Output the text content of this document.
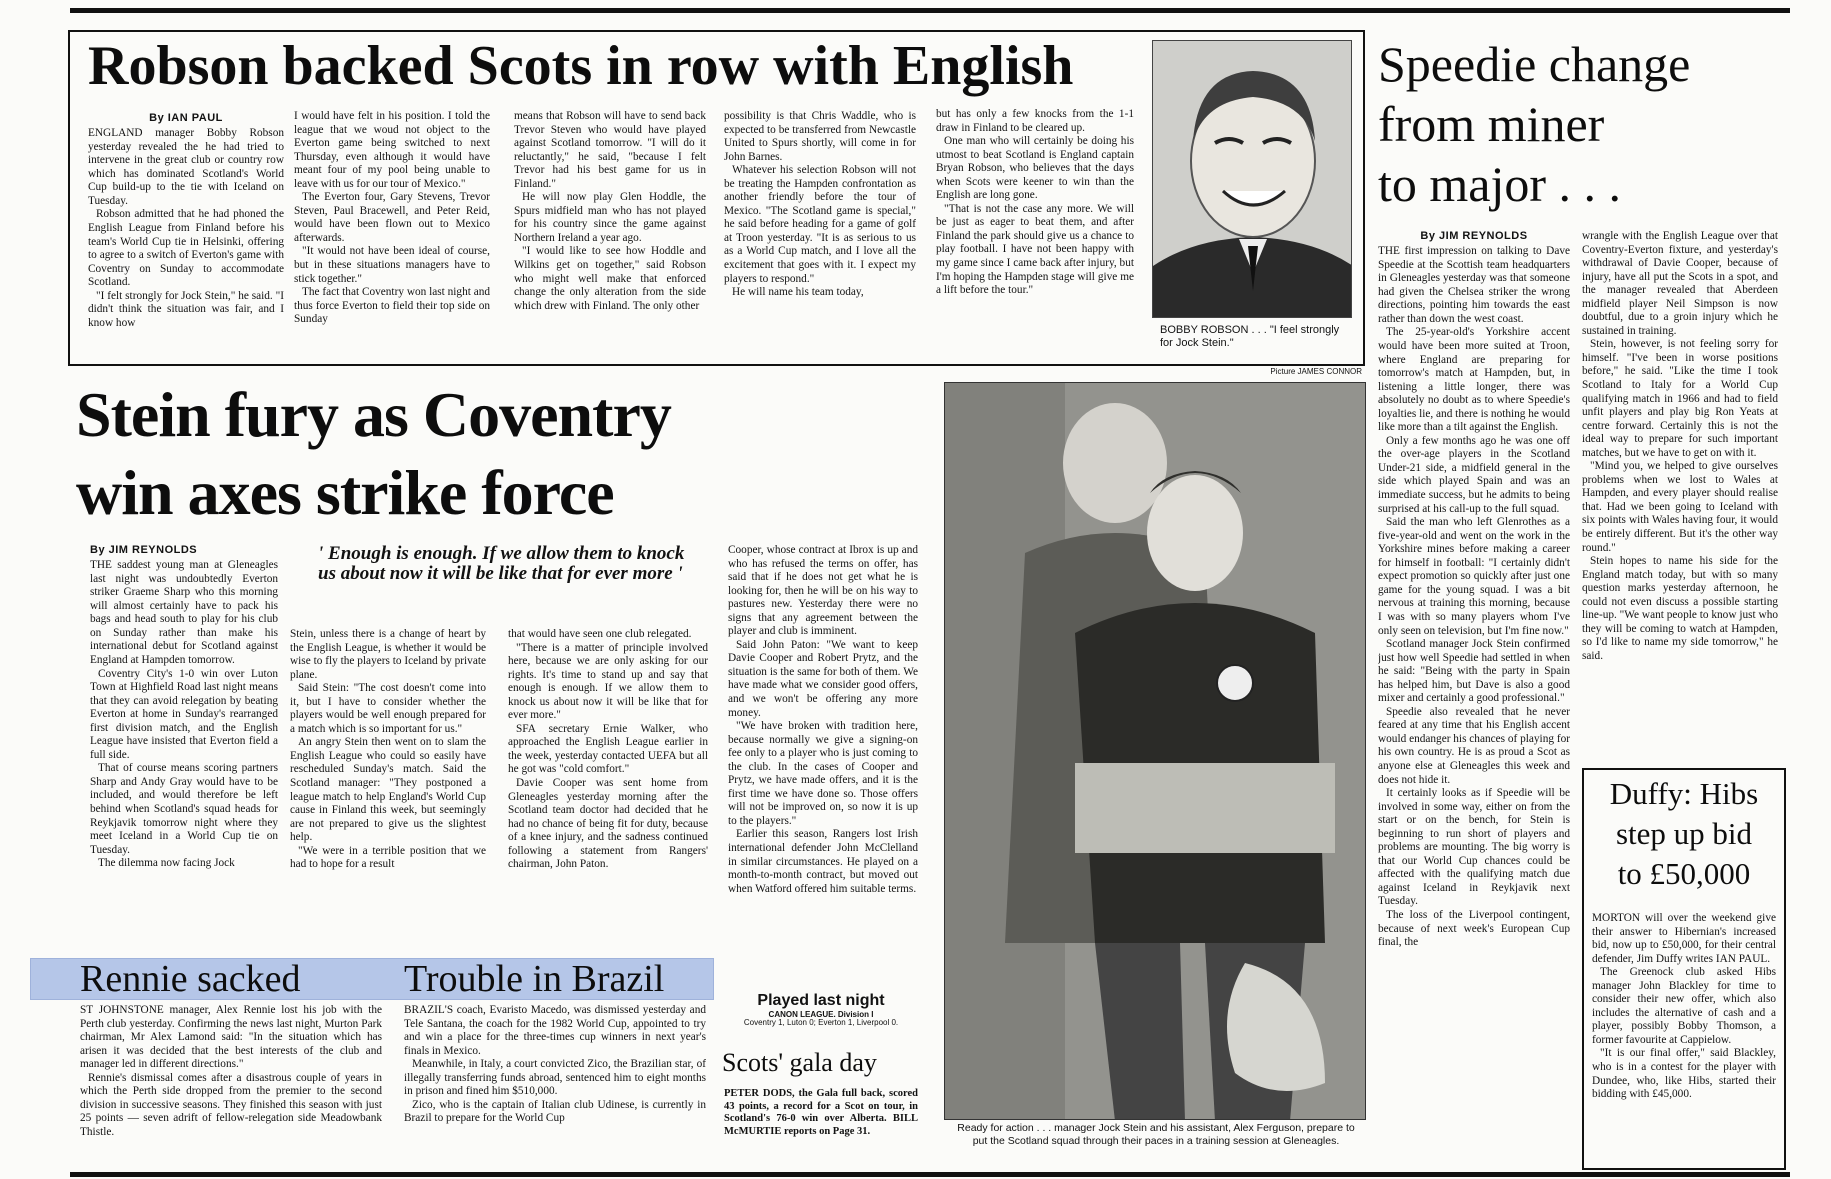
Robson backed Scots in row with English
By IAN PAUL

ENGLAND manager Bobby Robson yesterday revealed the he had tried to intervene in the great club or country row which has dominated Scotland's World Cup build-up to the tie with Iceland on Tuesday.

Robson admitted that he had phoned the English League from Finland before his team's World Cup tie in Helsinki, offering to agree to a switch of Everton's game with Coventry on Sunday to accommodate Scotland.

"I felt strongly for Jock Stein," he said. "I didn't think the situation was fair, and I know how

I would have felt in his position. I told the league that we woud not object to the Everton game being switched to next Thursday, even although it would have meant four of my pool being unable to leave with us for our tour of Mexico."

The Everton four, Gary Stevens, Trevor Steven, Paul Bracewell, and Peter Reid, would have been flown out to Mexico afterwards.

"It would not have been ideal of course, but in these situations managers have to stick together."

The fact that Coventry won last night and thus force Everton to field their top side on Sunday

means that Robson will have to send back Trevor Steven who would have played against Scotland tomorrow. "I will do it reluctantly," he said, "because I felt Trevor had his best game for us in Finland."

He will now play Glen Hoddle, the Spurs midfield man who has not played for his country since the game against Northern Ireland a year ago.

"I would like to see how Hoddle and Wilkins get on together," said Robson who might well make that enforced change the only alteration from the side which drew with Finland. The only other

possibility is that Chris Waddle, who is expected to be transferred from Newcastle United to Spurs shortly, will come in for John Barnes.

Whatever his selection Robson will not be treating the Hampden confrontation as another friendly before the tour of Mexico. "The Scotland game is special," he said before heading for a game of golf at Troon yesterday. "It is as serious to us as a World Cup match, and I love all the excitement that goes with it. I expect my players to respond."

He will name his team today,

but has only a few knocks from the 1-1 draw in Finland to be cleared up.

One man who will certainly be doing his utmost to beat Scotland is England captain Bryan Robson, who believes that the days when Scots were keener to win than the English are long gone.

"That is not the case any more. We will be just as eager to beat them, and after Finland the park should give us a chance to play football. I have not been happy with my game since I came back after injury, but I'm hoping the Hampden stage will give me a lift before the tour."

BOBBY ROBSON . . . "I feel strongly for Jock Stein."
Picture JAMES CONNOR
Speedie change
from miner
to major . . .
By JIM REYNOLDS

THE first impression on talking to Dave Speedie at the Scottish team headquarters in Gleneagles yesterday was that someone had given the Chelsea striker the wrong directions, pointing him towards the east rather than down the west coast.

The 25-year-old's Yorkshire accent would have been more suited at Troon, where England are preparing for tomorrow's match at Hampden, but, in listening a little longer, there was absolutely no doubt as to where Speedie's loyalties lie, and there is nothing he would like more than a tilt against the English.

Only a few months ago he was one off the over-age players in the Scotland Under-21 side, a midfield general in the side which played Spain and was an immediate success, but he admits to being surprised at his call-up to the full squad.

Said the man who left Glenrothes as a five-year-old and went on the work in the Yorkshire mines before making a career for himself in football: "I certainly didn't expect promotion so quickly after just one game for the young squad. I was a bit nervous at training this morning, because I was with so many players whom I've only seen on television, but I'm fine now."

Scotland manager Jock Stein confirmed just how well Speedie had settled in when he said: "Being with the party in Spain has helped him, but Dave is also a good mixer and certainly a good professional."

Speedie also revealed that he never feared at any time that his English accent would endanger his chances of playing for his own country. He is as proud a Scot as anyone else at Gleneagles this week and does not hide it.

It certainly looks as if Speedie will be involved in some way, either on from the start or on the bench, for Stein is beginning to run short of players and problems are mounting. The big worry is that our World Cup chances could be affected with the qualifying match due against Iceland in Reykjavik next Tuesday.

The loss of the Liverpool contingent, because of next week's European Cup final, the

wrangle with the English League over that Coventry-Everton fixture, and yesterday's withdrawal of Davie Cooper, because of injury, have all put the Scots in a spot, and the manager revealed that Aberdeen midfield player Neil Simpson is now doubtful, due to a groin injury which he sustained in training.

Stein, however, is not feeling sorry for himself. "I've been in worse positions before," he said. "Like the time I took Scotland to Italy for a World Cup qualifying match in 1966 and had to field unfit players and play big Ron Yeats at centre forward. Certainly this is not the ideal way to prepare for such important matches, but we have to get on with it.

"Mind you, we helped to give ourselves problems when we lost to Wales at Hampden, and every player should realise that. Had we been going to Iceland with six points with Wales having four, it would be entirely different. But it's the other way round."

Stein hopes to name his side for the England match today, but with so many question marks yesterday afternoon, he could not even discuss a possible starting line-up. "We want people to know just who they will be coming to watch at Hampden, so I'd like to name my side tomorrow," he said.

Duffy: Hibs
step up bid
to £50,000

MORTON will over the weekend give their answer to Hibernian's increased bid, now up to £50,000, for their central defender, Jim Duffy writes IAN PAUL.

The Greenock club asked Hibs manager John Blackley for time to consider their new offer, which also includes the alternative of cash and a player, possibly Bobby Thomson, a former favourite at Cappielow.

"It is our final offer," said Blackley, who is in a contest for the player with Dundee, who, like Hibs, started their bidding with £45,000.

Stein fury as Coventry
win axes strike force
By JIM REYNOLDS

THE saddest young man at Gleneagles last night was undoubtedly Everton striker Graeme Sharp who this morning will almost certainly have to pack his bags and head south to play for his club on Sunday rather than make his international debut for Scotland against England at Hampden tomorrow.

Coventry City's 1-0 win over Luton Town at Highfield Road last night means that they can avoid relegation by beating Everton at home in Sunday's rearranged first division match, and the English League have insisted that Everton field a full side.

That of course means scoring partners Sharp and Andy Gray would have to be included, and would therefore be left behind when Scotland's squad heads for Reykjavik tomorrow night where they meet Iceland in a World Cup tie on Tuesday.

The dilemma now facing Jock

' Enough is enough. If we allow them to knock us about now it will be like that for ever more '

Stein, unless there is a change of heart by the English League, is whether it would be wise to fly the players to Iceland by private plane.

Said Stein: "The cost doesn't come into it, but I have to consider whether the players would be well enough prepared for a match which is so important for us."

An angry Stein then went on to slam the English League who could so easily have rescheduled Sunday's match. Said the Scotland manager: "They postponed a league match to help England's World Cup cause in Finland this week, but seemingly are not prepared to give us the slightest help.

"We were in a terrible position that we had to hope for a result

that would have seen one club relegated.

"There is a matter of principle involved here, because we are only asking for our rights. It's time to stand up and say that enough is enough. If we allow them to knock us about now it will be like that for ever more."

SFA secretary Ernie Walker, who approached the English League earlier in the week, yesterday contacted UEFA but all he got was "cold comfort."

Davie Cooper was sent home from Gleneagles yesterday morning after the Scotland team doctor had decided that he had no chance of being fit for duty, because of a knee injury, and the sadness continued following a statement from Rangers' chairman, John Paton.

Cooper, whose contract at Ibrox is up and who has refused the terms on offer, has said that if he does not get what he is looking for, then he will be on his way to pastures new. Yesterday there were no signs that any agreement between the player and club is imminent.

Said John Paton: "We want to keep Davie Cooper and Robert Prytz, and the situation is the same for both of them. We have made what we consider good offers, and we won't be offering any more money.

"We have broken with tradition here, because normally we give a signing-on fee only to a player who is just coming to the club. In the cases of Cooper and Prytz, we have made offers, and it is the first time we have done so. Those offers will not be improved on, so now it is up to the players."

Earlier this season, Rangers lost Irish international defender John McClelland in similar circumstances. He played on a month-to-month contract, but moved out when Watford offered him suitable terms.

Played last night
CANON LEAGUE. Division I
Coventry 1, Luton 0; Everton 1, Liverpool 0.
Scots' gala day
PETER DODS, the Gala full back, scored 43 points, a record for a Scot on tour, in Scotland's 76-0 win over Alberta. BILL McMURTIE reports on Page 31.	Ready for action . . . manager Jock Stein and his assistant, Alex Ferguson, prepare to put the Scotland squad through their paces in a training session at Gleneagles.
Rennie sacked	Trouble in Brazil

ST JOHNSTONE manager, Alex Rennie lost his job with the Perth club yesterday. Confirming the news last night, Murton Park chairman, Mr Alex Lamond said: "In the situation which has arisen it was decided that the best interests of the club and manager led in different directions."

Rennie's dismissal comes after a disastrous couple of years in which the Perth side dropped from the premier to the second division in successive seasons. They finished this season with just 25 points — seven adrift of fellow-relegation side Meadowbank Thistle.

BRAZIL'S coach, Evaristo Macedo, was dismissed yesterday and Tele Santana, the coach for the 1982 World Cup, appointed to try and win a place for the three-times cup winners in next year's finals in Mexico.

Meanwhile, in Italy, a court convicted Zico, the Brazilian star, of illegally transferring funds abroad, sentenced him to eight months in prison and fined him $510,000.

Zico, who is the captain of Italian club Udinese, is currently in Brazil to prepare for the World Cup
